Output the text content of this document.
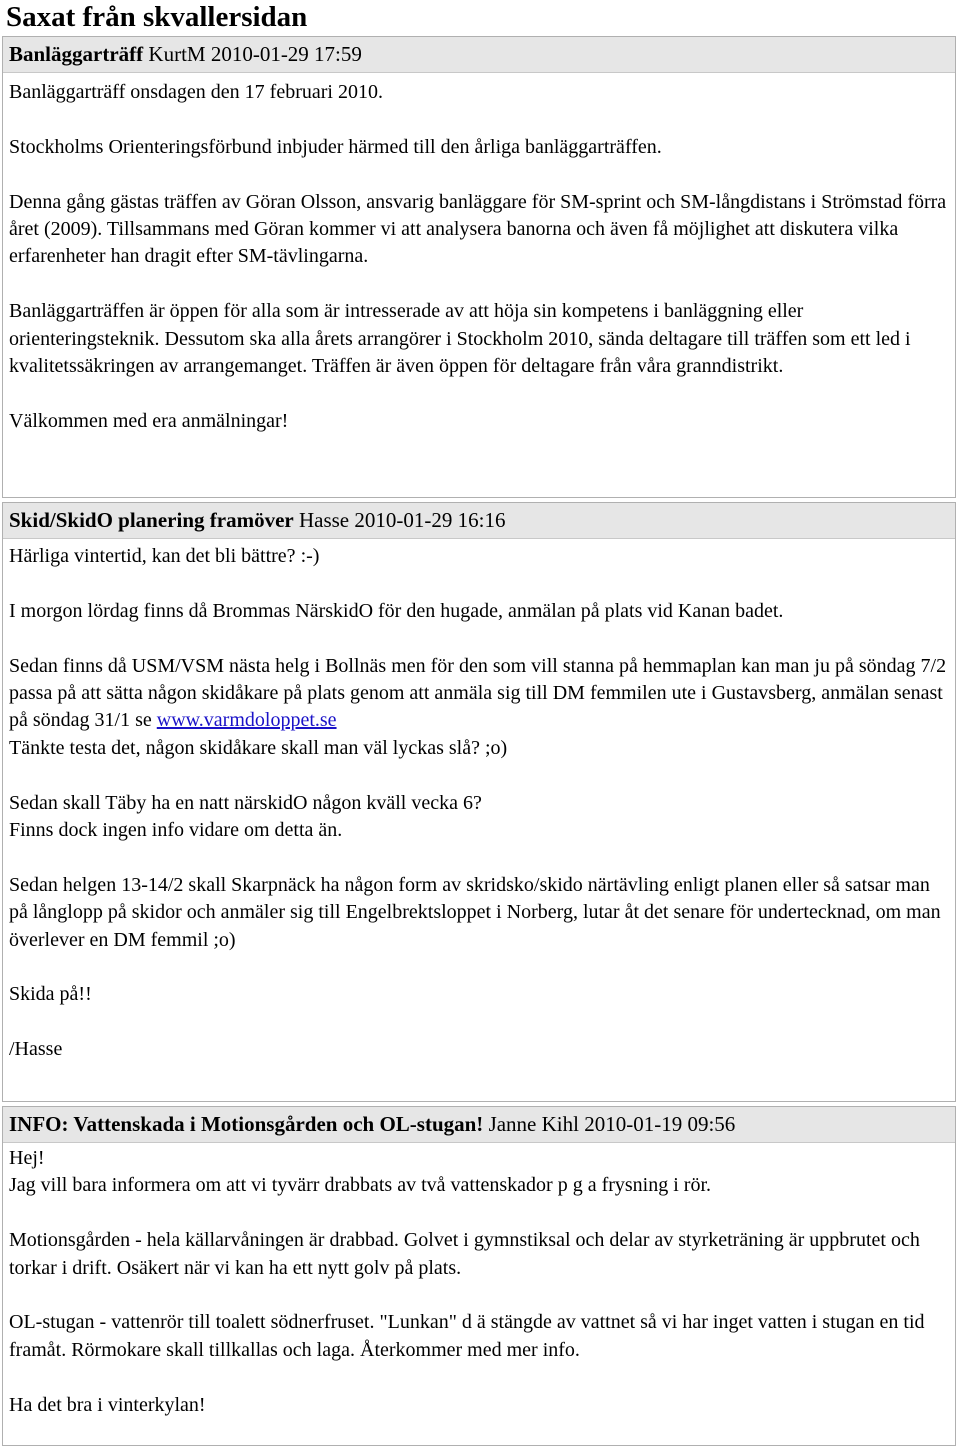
Saxat från skvallersidan
Banläggarträff KurtM 2010-01-29 17:59

Banläggarträff onsdagen den 17 februari 2010.

Stockholms Orienteringsförbund inbjuder härmed till den årliga banläggarträffen.

Denna gång gästas träffen av Göran Olsson, ansvarig banläggare för SM-sprint och SM-långdistans i Strömstad förra året (2009). Tillsammans med Göran kommer vi att analysera banorna och även få möjlighet att diskutera vilka erfarenheter han dragit efter SM-tävlingarna.

Banläggarträffen är öppen för alla som är intresserade av att höja sin kompetens i banläggning eller orienteringsteknik. Dessutom ska alla årets arrangörer i Stockholm 2010, sända deltagare till träffen som ett led i kvalitetssäkringen av arrangemanget. Träffen är även öppen för deltagare från våra granndistrikt.

Välkommen med era anmälningar!

Skid/SkidO planering framöver Hasse 2010-01-29 16:16

Härliga vintertid, kan det bli bättre? :-)

I morgon lördag finns då Brommas NärskidO för den hugade, anmälan på plats vid Kanan badet.

Sedan finns då USM/VSM nästa helg i Bollnäs men för den som vill stanna på hemmaplan kan man ju på söndag 7/2 passa på att sätta någon skidåkare på plats genom att anmäla sig till DM femmilen ute i Gustavsberg, anmälan senast på söndag 31/1 se www.varmdoloppet.se
Tänkte testa det, någon skidåkare skall man väl lyckas slå? ;o)

Sedan skall Täby ha en natt närskidO någon kväll vecka 6?
Finns dock ingen info vidare om detta än.

Sedan helgen 13-14/2 skall Skarpnäck ha någon form av skridsko/skido närtävling enligt planen eller så satsar man på långlopp på skidor och anmäler sig till Engelbrektsloppet i Norberg, lutar åt det senare för undertecknad, om man överlever en DM femmil ;o)

Skida på!!

/Hasse

INFO: Vattenskada i Motionsgården och OL-stugan! Janne Kihl 2010-01-19 09:56

Hej!
Jag vill bara informera om att vi tyvärr drabbats av två vattenskador p g a frysning i rör.

Motionsgården - hela källarvåningen är drabbad. Golvet i gymnstiksal och delar av styrketräning är uppbrutet och torkar i drift. Osäkert när vi kan ha ett nytt golv på plats.

OL-stugan - vattenrör till toalett södnerfruset. "Lunkan" d ä stängde av vattnet så vi har inget vatten i stugan en tid framåt. Rörmokare skall tillkallas och laga. Återkommer med mer info.

Ha det bra i vinterkylan!
